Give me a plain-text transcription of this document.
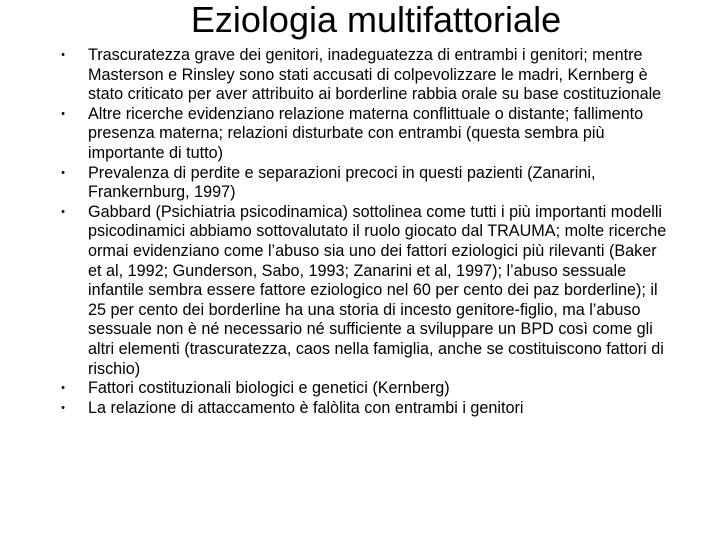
Eziologia multifattoriale
• Trascuratezza grave dei genitori, inadeguatezza di entrambi i genitori; mentre Masterson e Rinsley sono stati accusati di colpevolizzare le madri, Kernberg è stato criticato per aver attribuito ai borderline rabbia orale su base costituzionale
• Altre ricerche evidenziano relazione materna conflittuale o distante; fallimento presenza materna; relazioni disturbate con entrambi (questa sembra più importante di tutto)
• Prevalenza di perdite e separazioni precoci in questi pazienti (Zanarini, Frankernburg, 1997)
• Gabbard (Psichiatria psicodinamica) sottolinea come tutti i più importanti modelli psicodinamici abbiamo sottovalutato il ruolo giocato dal TRAUMA; molte ricerche ormai evidenziano come l’abuso sia uno dei fattori eziologici più rilevanti (Baker et al, 1992; Gunderson, Sabo, 1993; Zanarini et al, 1997); l’abuso sessuale infantile sembra essere fattore eziologico nel 60 per cento dei paz borderline); il 25 per cento dei borderline ha una storia di incesto genitore-figlio, ma l’abuso sessuale non è né necessario né sufficiente a sviluppare un BPD così come gli altri elementi (trascuratezza, caos nella famiglia, anche se costituiscono fattori di rischio)
• Fattori costituzionali biologici e genetici (Kernberg)
• La relazione di attaccamento è falòlita con entrambi i genitori
